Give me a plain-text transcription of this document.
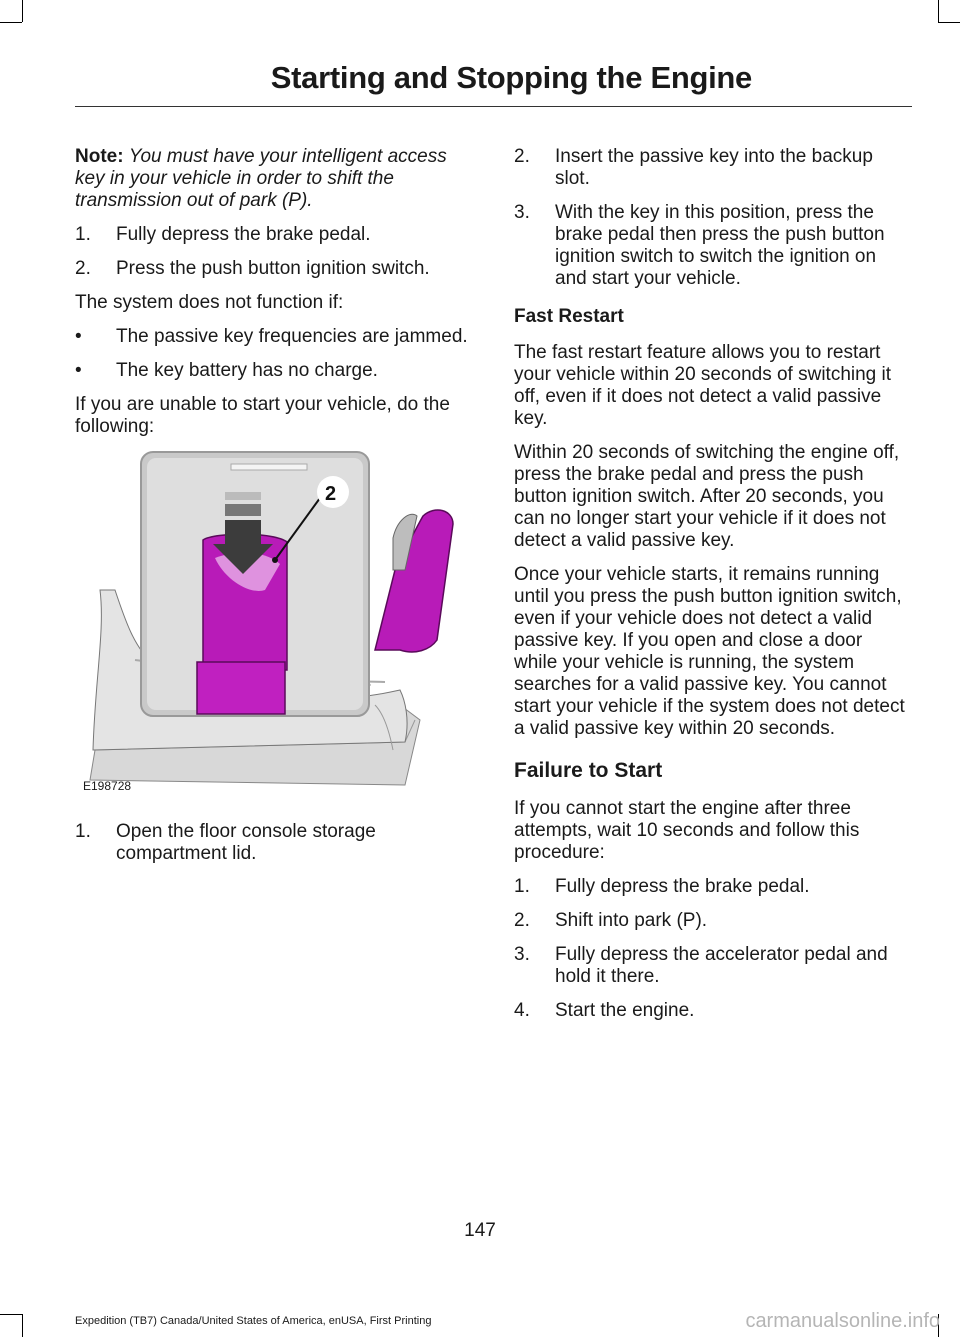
Starting and Stopping the Engine

Note: You must have your intelligent access key in your vehicle in order to shift the transmission out of park (P).

1. Fully depress the brake pedal.
2. Press the push button ignition switch.

The system does not function if:

• The passive key frequencies are jammed.
• The key battery has no charge.

If you are unable to start your vehicle, do the following:

2
E198728
1. Open the floor console storage compartment lid.
2. Insert the passive key into the backup slot.
3. With the key in this position, press the brake pedal then press the push button ignition switch to switch the ignition on and start your vehicle.
Fast Restart

The fast restart feature allows you to restart your vehicle within 20 seconds of switching it off, even if it does not detect a valid passive key.

Within 20 seconds of switching the engine off, press the brake pedal and press the push button ignition switch. After 20 seconds, you can no longer start your vehicle if it does not detect a valid passive key.

Once your vehicle starts, it remains running until you press the push button ignition switch, even if your vehicle does not detect a valid passive key. If you open and close a door while your vehicle is running, the system searches for a valid passive key. You cannot start your vehicle if the system does not detect a valid passive key within 20 seconds.

Failure to Start

If you cannot start the engine after three attempts, wait 10 seconds and follow this procedure:

1. Fully depress the brake pedal.
2. Shift into park (P).
3. Fully depress the accelerator pedal and hold it there.
4. Start the engine.
147
Expedition (TB7) Canada/United States of America, enUSA, First Printing	carmanualsonline.info
